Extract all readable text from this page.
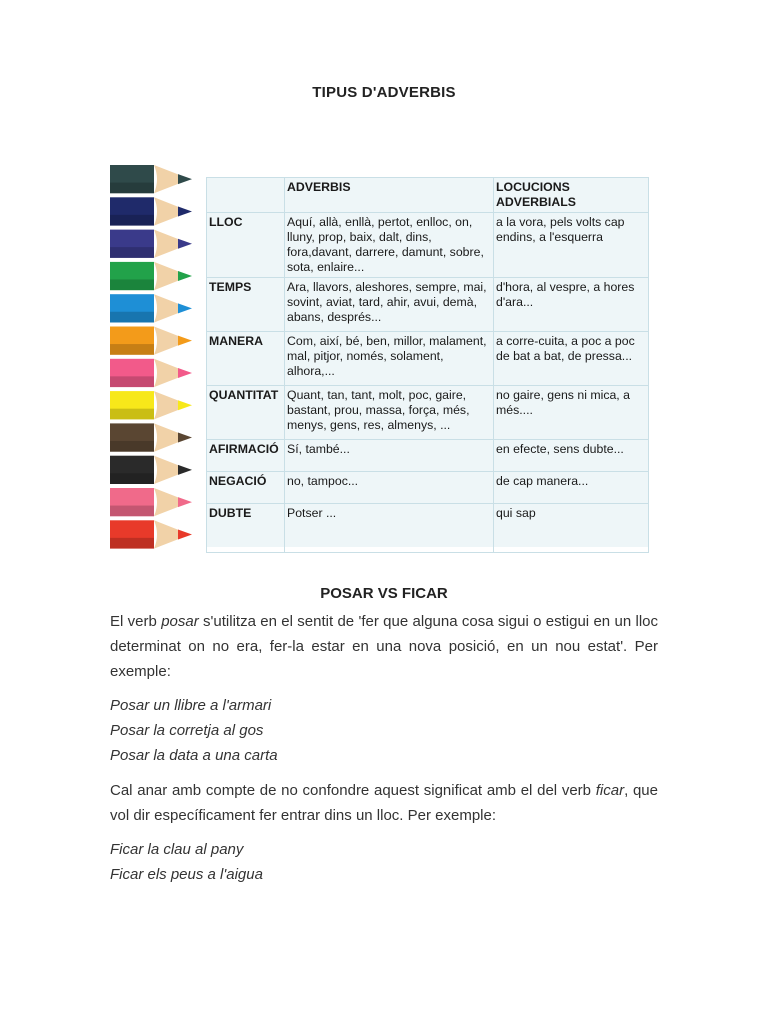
TIPUS D'ADVERBIS
	ADVERBIS	LOCUCIONS ADVERBIALS
LLOC	Aquí, allà, enllà, pertot, enlloc, on, lluny, prop, baix, dalt, dins, fora,davant, darrere, damunt, sobre, sota, enlaire...	a la vora, pels volts cap endins, a l'esquerra
TEMPS	Ara, llavors, aleshores, sempre, mai, sovint, aviat, tard, ahir, avui, demà, abans, després...	d'hora, al vespre, a hores d'ara...
MANERA	Com, així, bé, ben, millor, malament, mal, pitjor, només, solament, alhora,...	a corre-cuita, a poc a poc de bat a bat, de pressa...
QUANTITAT	Quant, tan, tant, molt, poc, gaire, bastant, prou, massa, força, més, menys, gens, res, almenys, ...	no gaire, gens ni mica, a més....
AFIRMACIÓ	Sí, també...	en efecte, sens dubte...
NEGACIÓ	no, tampoc...	de cap manera...
DUBTE	Potser ...	qui sap
POSAR VS FICAR
El verb posar s'utilitza en el sentit de 'fer que alguna cosa sigui o estigui en un lloc determinat on no era, fer-la estar en una nova posició, en un nou estat'. Per exemple:

Posar un llibre a l'armari

Posar la corretja al gos

Posar la data a una carta

Cal anar amb compte de no confondre aquest significat amb el del verb ficar, que vol dir específicament fer entrar dins un lloc. Per exemple:

Ficar la clau al pany

Ficar els peus a l'aigua
